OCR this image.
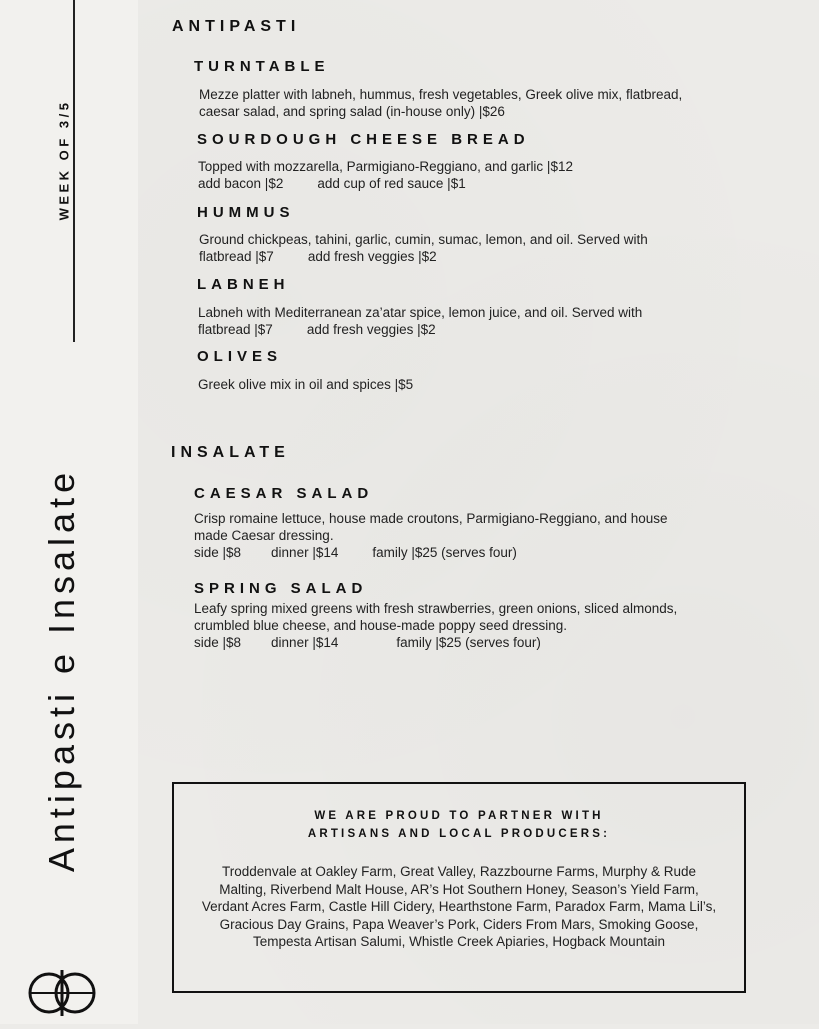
WEEK OF 3/5
Antipasti e Insalate
ANTIPASTI
TURNTABLE
Mezze platter with labneh, hummus, fresh vegetables, Greek olive mix, flatbread,
caesar salad, and spring salad (in-house only) |$26
SOURDOUGH CHEESE BREAD
Topped with mozzarella, Parmigiano-Reggiano, and garlic |$12
add bacon |$2	add cup of red sauce |$1
HUMMUS
Ground chickpeas, tahini, garlic, cumin, sumac, lemon, and oil. Served with
flatbread |$7	add fresh veggies |$2
LABNEH
Labneh with Mediterranean za’atar spice, lemon juice, and oil. Served with
flatbread |$7	add fresh veggies |$2
OLIVES
Greek olive mix in oil and spices |$5
INSALATE
CAESAR SALAD
Crisp romaine lettuce, house made croutons, Parmigiano-Reggiano, and house
made Caesar dressing.
side |$8 dinner |$14	family |$25 (serves four)
SPRING SALAD
Leafy spring mixed greens with fresh strawberries, green onions, sliced almonds,
crumbled blue cheese, and house-made poppy seed dressing.
side |$8 dinner |$14	family |$25 (serves four)
WE ARE PROUD TO PARTNER WITH
ARTISANS AND LOCAL PRODUCERS:
Troddenvale at Oakley Farm, Great Valley, Razzbourne Farms, Murphy & Rude Malting, Riverbend Malt House, AR’s Hot Southern Honey, Season’s Yield Farm, Verdant Acres Farm, Castle Hill Cidery, Hearthstone Farm, Paradox Farm, Mama Lil’s, Gracious Day Grains, Papa Weaver’s Pork, Ciders From Mars, Smoking Goose, Tempesta Artisan Salumi, Whistle Creek Apiaries, Hogback Mountain
